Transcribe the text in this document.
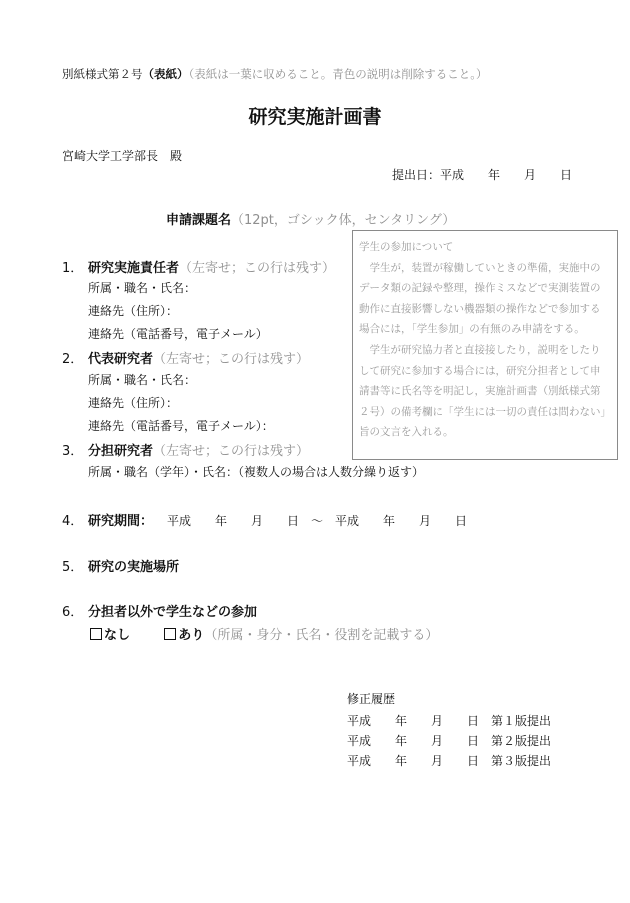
別紙様式第２号（表紙）（表紙は一葉に収めること。青色の説明は削除すること。）
研究実施計画書
宮崎大学工学部長　殿
提出日：平成　　年　　月　　日
申請課題名（12pt，ゴシック体，センタリング）

学生の参加について

学生が，装置が稼働していときの準備，実施中のデータ類の記録や整理，操作ミスなどで実測装置の動作に直接影響しない機器類の操作などで参加する場合には，「学生参加」の有無のみ申請をする。

学生が研究協力者と直接接したり，説明をしたりして研究に参加する場合には，研究分担者として申請書等に氏名等を明記し，実施計画書（別紙様式第２号）の備考欄に「学生には一切の責任は問わない」旨の文言を入れる。

1． 研究実施責任者（左寄せ；この行は残す）
所属・職名・氏名：
連絡先（住所）：
連絡先（電話番号，電子メール）
2． 代表研究者（左寄せ；この行は残す）
所属・職名・氏名：
連絡先（住所）：
連絡先（電話番号，電子メール）：
3． 分担研究者（左寄せ；この行は残す）
所属・職名（学年）・氏名：（複数人の場合は人数分繰り返す）
4． 研究期間： 平成　　年　　月　　日　〜　平成　　年　　月　　日
5． 研究の実施場所
6． 分担者以外で学生などの参加
なし	あり（所属・身分・氏名・役割を記載する）
修正履歴
平成　　年　　月　　日　第１版提出
平成　　年　　月　　日　第２版提出
平成　　年　　月　　日　第３版提出
